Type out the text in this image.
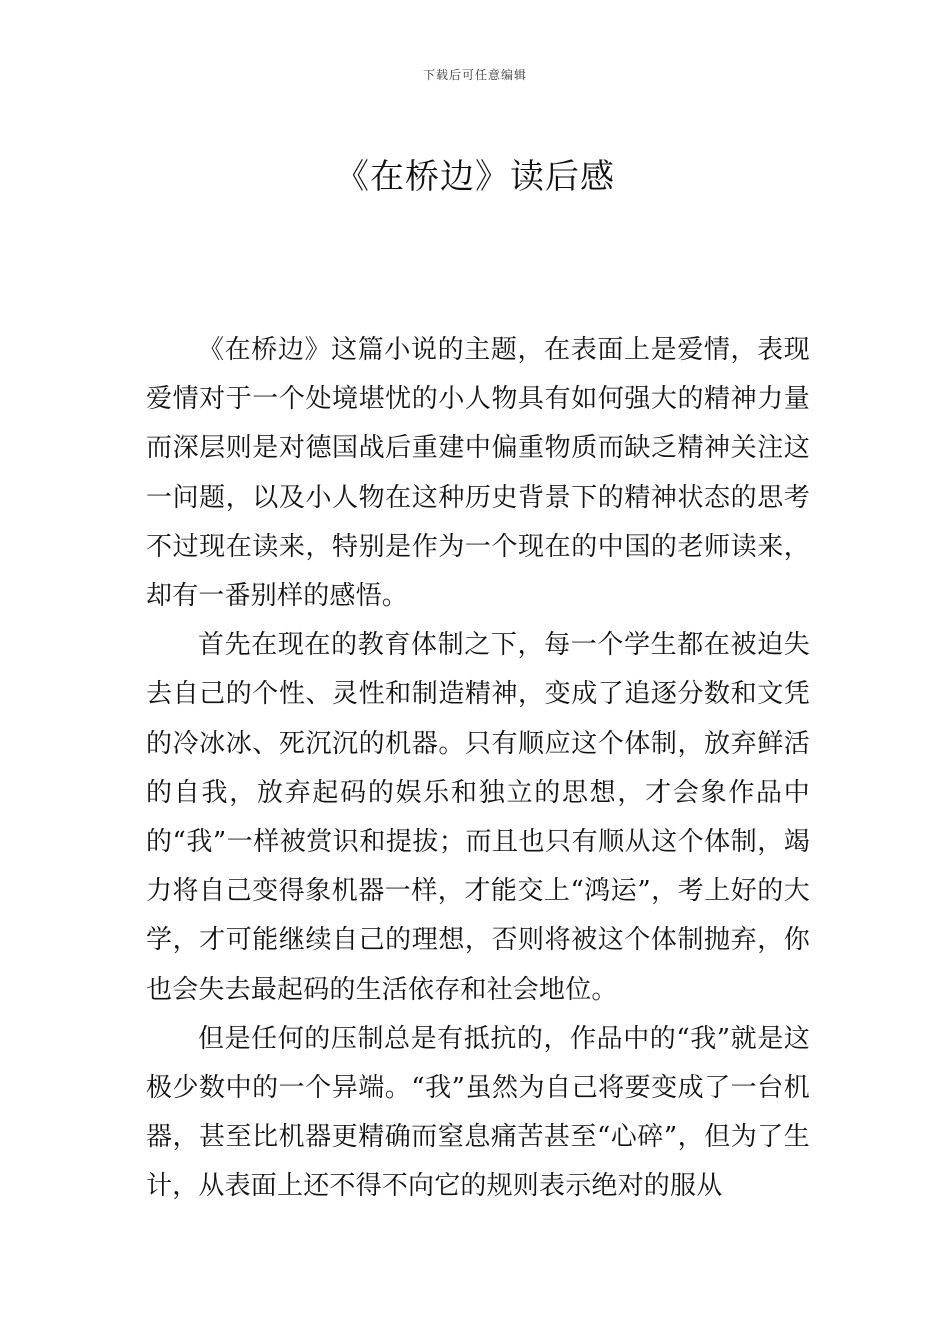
下载后可任意编辑
《在桥边》读后感

《在桥边》这篇小说的主题，在表面上是爱情，表现爱情对于一个处境堪忧的小人物具有如何强大的精神力量而深层则是对德国战后重建中偏重物质而缺乏精神关注这一问题，以及小人物在这种历史背景下的精神状态的思考不过现在读来，特别是作为一个现在的中国的老师读来，却有一番别样的感悟。

首先在现在的教育体制之下，每一个学生都在被迫失去自己的个性、灵性和制造精神，变成了追逐分数和文凭的冷冰冰、死沉沉的机器。只有顺应这个体制，放弃鲜活的自我，放弃起码的娱乐和独立的思想，才会象作品中的“我”一样被赏识和提拔；而且也只有顺从这个体制，竭力将自己变得象机器一样，才能交上“鸿运”，考上好的大学，才可能继续自己的理想，否则将被这个体制抛弃，你也会失去最起码的生活依存和社会地位。

但是任何的压制总是有抵抗的，作品中的“我”就是这极少数中的一个异端。“我”虽然为自己将要变成了一台机器，甚至比机器更精确而窒息痛苦甚至“心碎”，但为了生计，从表面上还不得不向它的规则表示绝对的服从
